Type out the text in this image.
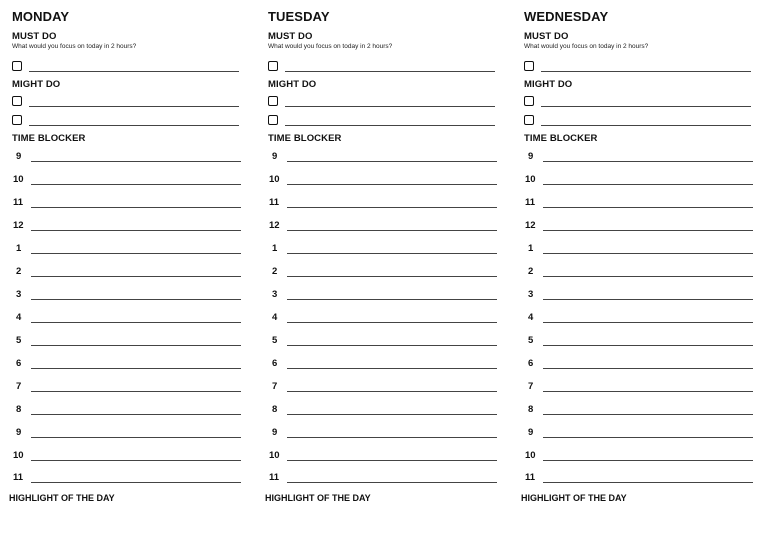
MONDAY
MUST DO
What would you focus on today in 2 hours?
MIGHT DO
TIME BLOCKER
9
10
11
12
1
2
3
4
5
6
7
8
9
10
11
HIGHLIGHT OF THE DAY
TUESDAY
MUST DO
What would you focus on today in 2 hours?
MIGHT DO
TIME BLOCKER
9
10
11
12
1
2
3
4
5
6
7
8
9
10
11
HIGHLIGHT OF THE DAY
WEDNESDAY
MUST DO
What would you focus on today in 2 hours?
MIGHT DO
TIME BLOCKER
9
10
11
12
1
2
3
4
5
6
7
8
9
10
11
HIGHLIGHT OF THE DAY
